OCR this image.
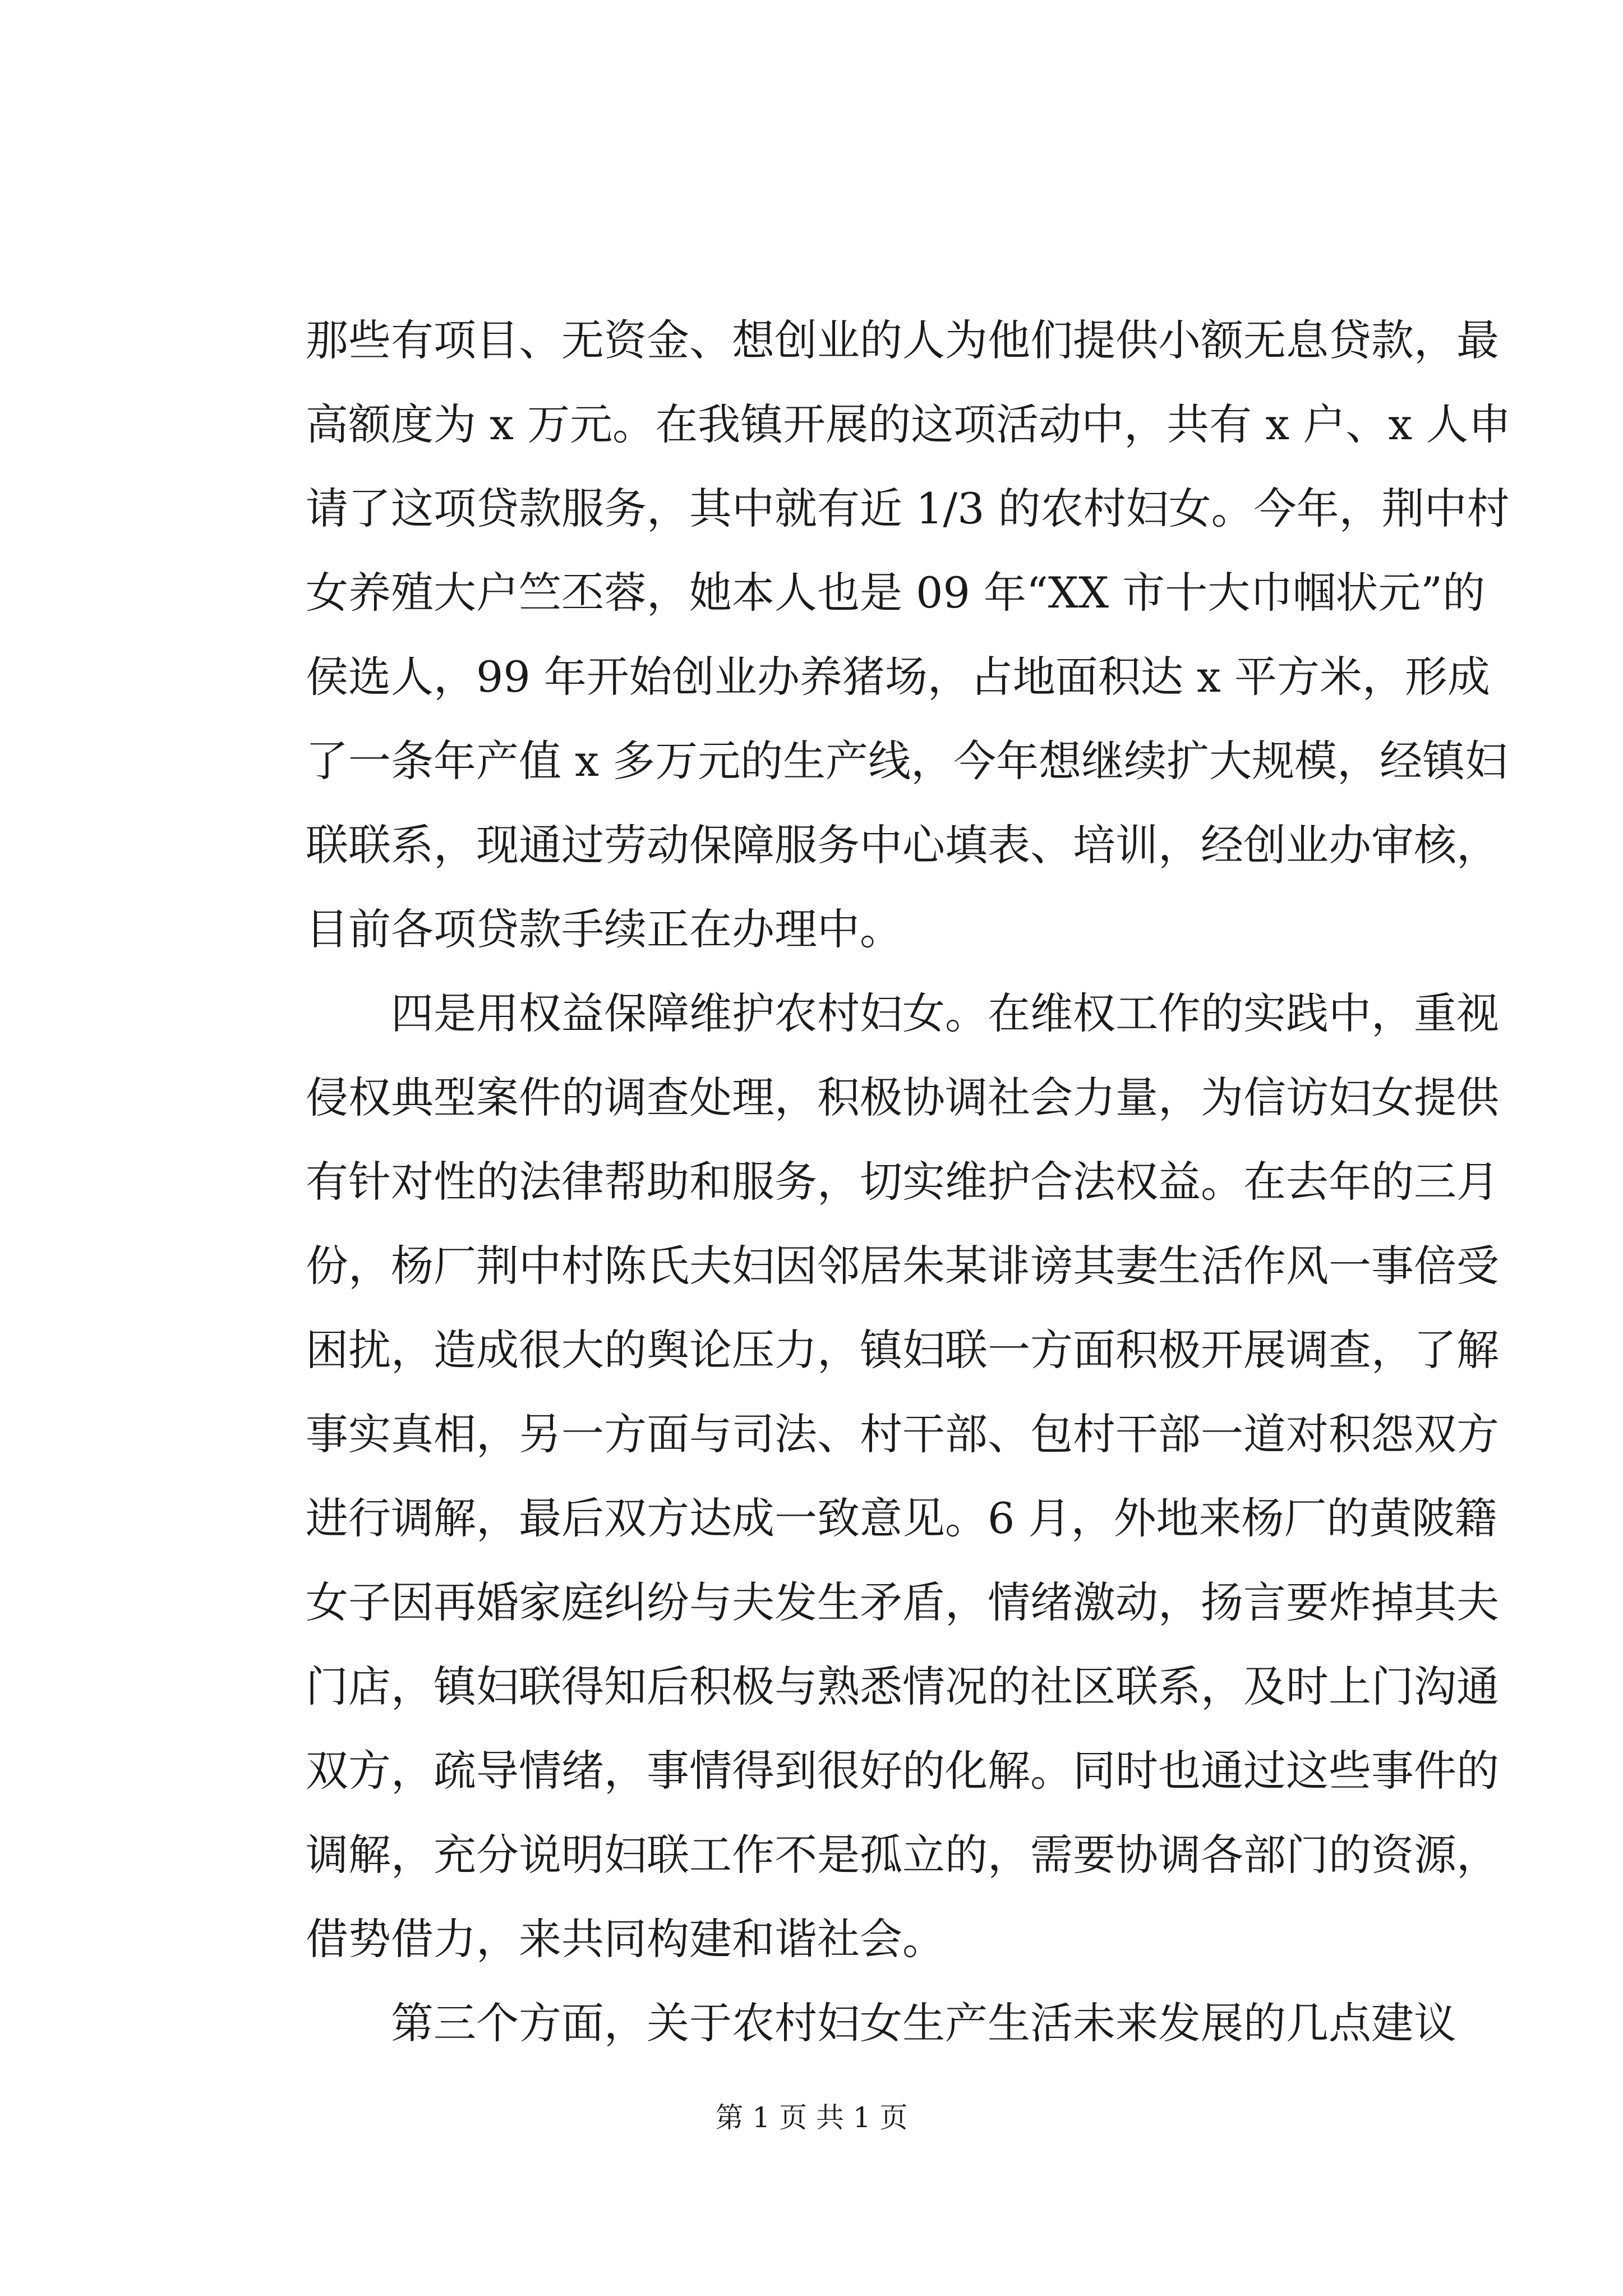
那些有项目、无资金、想创业的人为他们提供小额无息贷款，最
高额度为 x 万元。在我镇开展的这项活动中，共有 x 户、x 人申
请了这项贷款服务，其中就有近 1/3 的农村妇女。今年，荆中村
女养殖大户竺丕蓉，她本人也是 09 年“XX 市十大巾帼状元”的
侯选人，99 年开始创业办养猪场，占地面积达 x 平方米，形成
了一条年产值 x 多万元的生产线，今年想继续扩大规模，经镇妇
联联系，现通过劳动保障服务中心填表、培训，经创业办审核，
目前各项贷款手续正在办理中。
四是用权益保障维护农村妇女。在维权工作的实践中，重视
侵权典型案件的调查处理，积极协调社会力量，为信访妇女提供
有针对性的法律帮助和服务，切实维护合法权益。在去年的三月
份，杨厂荆中村陈氏夫妇因邻居朱某诽谤其妻生活作风一事倍受
困扰，造成很大的舆论压力，镇妇联一方面积极开展调查，了解
事实真相，另一方面与司法、村干部、包村干部一道对积怨双方
进行调解，最后双方达成一致意见。6 月，外地来杨厂的黄陂籍
女子因再婚家庭纠纷与夫发生矛盾，情绪激动，扬言要炸掉其夫
门店，镇妇联得知后积极与熟悉情况的社区联系，及时上门沟通
双方，疏导情绪，事情得到很好的化解。同时也通过这些事件的
调解，充分说明妇联工作不是孤立的，需要协调各部门的资源，
借势借力，来共同构建和谐社会。
第三个方面，关于农村妇女生产生活未来发展的几点建议
第 1 页 共 1 页
